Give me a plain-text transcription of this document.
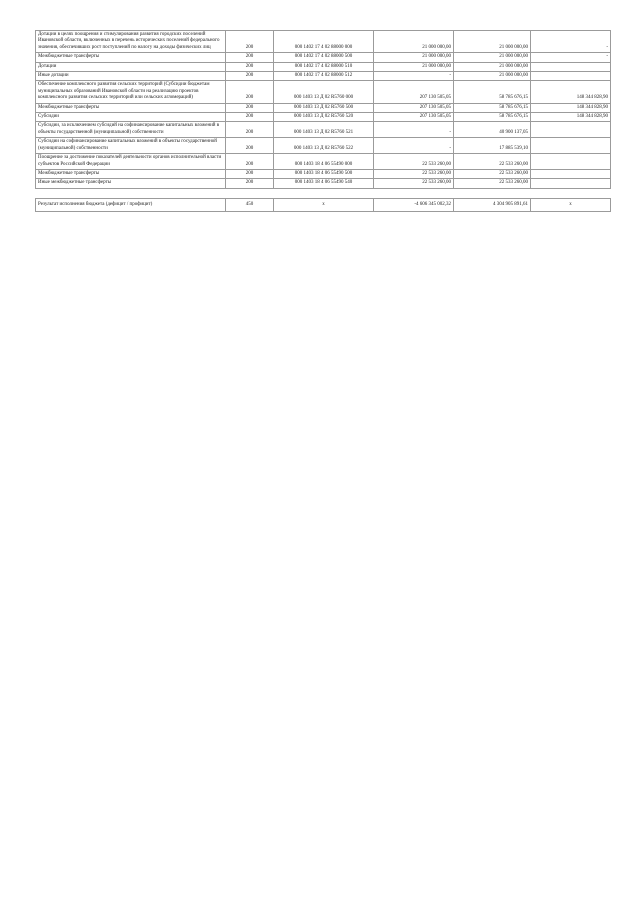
Дотации в целях поощрения и стимулирования развития городских поселений Ивановской области, включенных в перечень исторических поселений федерального значения, обеспечивших рост поступлений по налогу на доходы физических лиц	200	000 1402 17 4 02 88000 000	21 000 000,00	21 000 000,00	-
Межбюджетные трансферты	200	000 1402 17 4 02 88000 500	21 000 000,00	21 000 000,00	-
Дотации	200	000 1402 17 4 02 88000 510	21 000 000,00	21 000 000,00	
Иные дотации	200	000 1402 17 4 02 88000 512	-	21 000 000,00	
Обеспечение комплексного развития сельских территорий (Субсидии бюджетам муниципальных образований Ивановской области на реализацию проектов комплексного развития сельских территорий или сельских агломераций)	200	000 1403 13 Д 02 R5760 000	207 130 505,05	58 785 676,15	148 344 828,90
Межбюджетные трансферты	200	000 1403 13 Д 02 R5760 500	207 130 505,05	58 785 676,15	148 344 828,90
Субсидии	200	000 1403 13 Д 02 R5760 520	207 130 505,05	58 785 676,15	148 344 828,90
Субсидии, за исключением субсидий на софинансирование капитальных вложений в объекты государственной (муниципальной) собственности	200	000 1403 13 Д 02 R5760 521	-	40 900 137,05	
Субсидии на софинансирование капитальных вложений в объекты государственной (муниципальной) собственности	200	000 1403 13 Д 02 R5760 522	-	17 885 539,10	
Поощрение за достижение показателей деятельности органов исполнительной власти субъектов Российской Федерации	200	000 1403 18 4 06 55490 000	22 533 260,00	22 533 260,00	
Межбюджетные трансферты	200	000 1403 18 4 06 55490 500	22 533 260,00	22 533 260,00	
Иные межбюджетные трансферты	200	000 1403 18 4 06 55490 540	22 533 260,00	22 533 260,00	
Результат исполнения бюджета (дефицит / профицит)	450	х	-4 606 345 002,32	4 304 905 891,61	х
